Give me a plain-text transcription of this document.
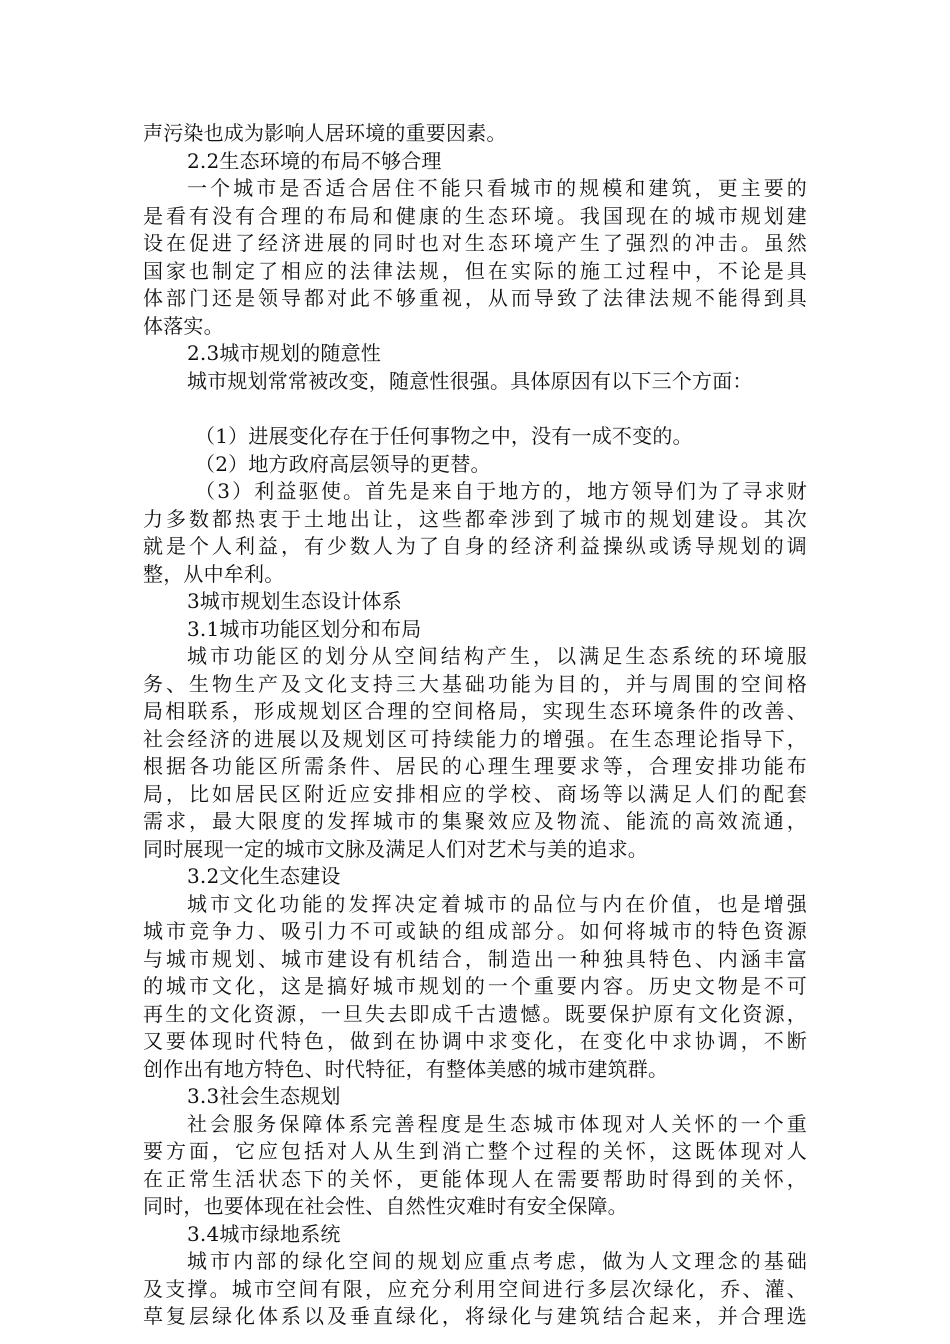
声污染也成为影响人居环境的重要因素。
2.2生态环境的布局不够合理
一个城市是否适合居住不能只看城市的规模和建筑，更主要的
是看有没有合理的布局和健康的生态环境。我国现在的城市规划建
设在促进了经济进展的同时也对生态环境产生了强烈的冲击。虽然
国家也制定了相应的法律法规，但在实际的施工过程中，不论是具
体部门还是领导都对此不够重视，从而导致了法律法规不能得到具
体落实。
2.3城市规划的随意性
城市规划常常被改变，随意性很强。具体原因有以下三个方面：
（1）进展变化存在于任何事物之中，没有一成不变的。
（2）地方政府高层领导的更替。
（3）利益驱使。首先是来自于地方的，地方领导们为了寻求财
力多数都热衷于土地出让，这些都牵涉到了城市的规划建设。其次
就是个人利益，有少数人为了自身的经济利益操纵或诱导规划的调
整，从中牟利。
3城市规划生态设计体系
3.1城市功能区划分和布局
城市功能区的划分从空间结构产生，以满足生态系统的环境服
务、生物生产及文化支持三大基础功能为目的，并与周围的空间格
局相联系，形成规划区合理的空间格局，实现生态环境条件的改善、
社会经济的进展以及规划区可持续能力的增强。在生态理论指导下，
根据各功能区所需条件、居民的心理生理要求等，合理安排功能布
局，比如居民区附近应安排相应的学校、商场等以满足人们的配套
需求，最大限度的发挥城市的集聚效应及物流、能流的高效流通，
同时展现一定的城市文脉及满足人们对艺术与美的追求。
3.2文化生态建设
城市文化功能的发挥决定着城市的品位与内在价值，也是增强
城市竞争力、吸引力不可或缺的组成部分。如何将城市的特色资源
与城市规划、城市建设有机结合，制造出一种独具特色、内涵丰富
的城市文化，这是搞好城市规划的一个重要内容。历史文物是不可
再生的文化资源，一旦失去即成千古遗憾。既要保护原有文化资源，
又要体现时代特色，做到在协调中求变化，在变化中求协调，不断
创作出有地方特色、时代特征，有整体美感的城市建筑群。
3.3社会生态规划
社会服务保障体系完善程度是生态城市体现对人关怀的一个重
要方面，它应包括对人从生到消亡整个过程的关怀，这既体现对人
在正常生活状态下的关怀，更能体现人在需要帮助时得到的关怀，
同时，也要体现在社会性、自然性灾难时有安全保障。
3.4城市绿地系统
城市内部的绿化空间的规划应重点考虑，做为人文理念的基础
及支撑。城市空间有限，应充分利用空间进行多层次绿化，乔、灌、
草复层绿化体系以及垂直绿化，将绿化与建筑结合起来，并合理选
